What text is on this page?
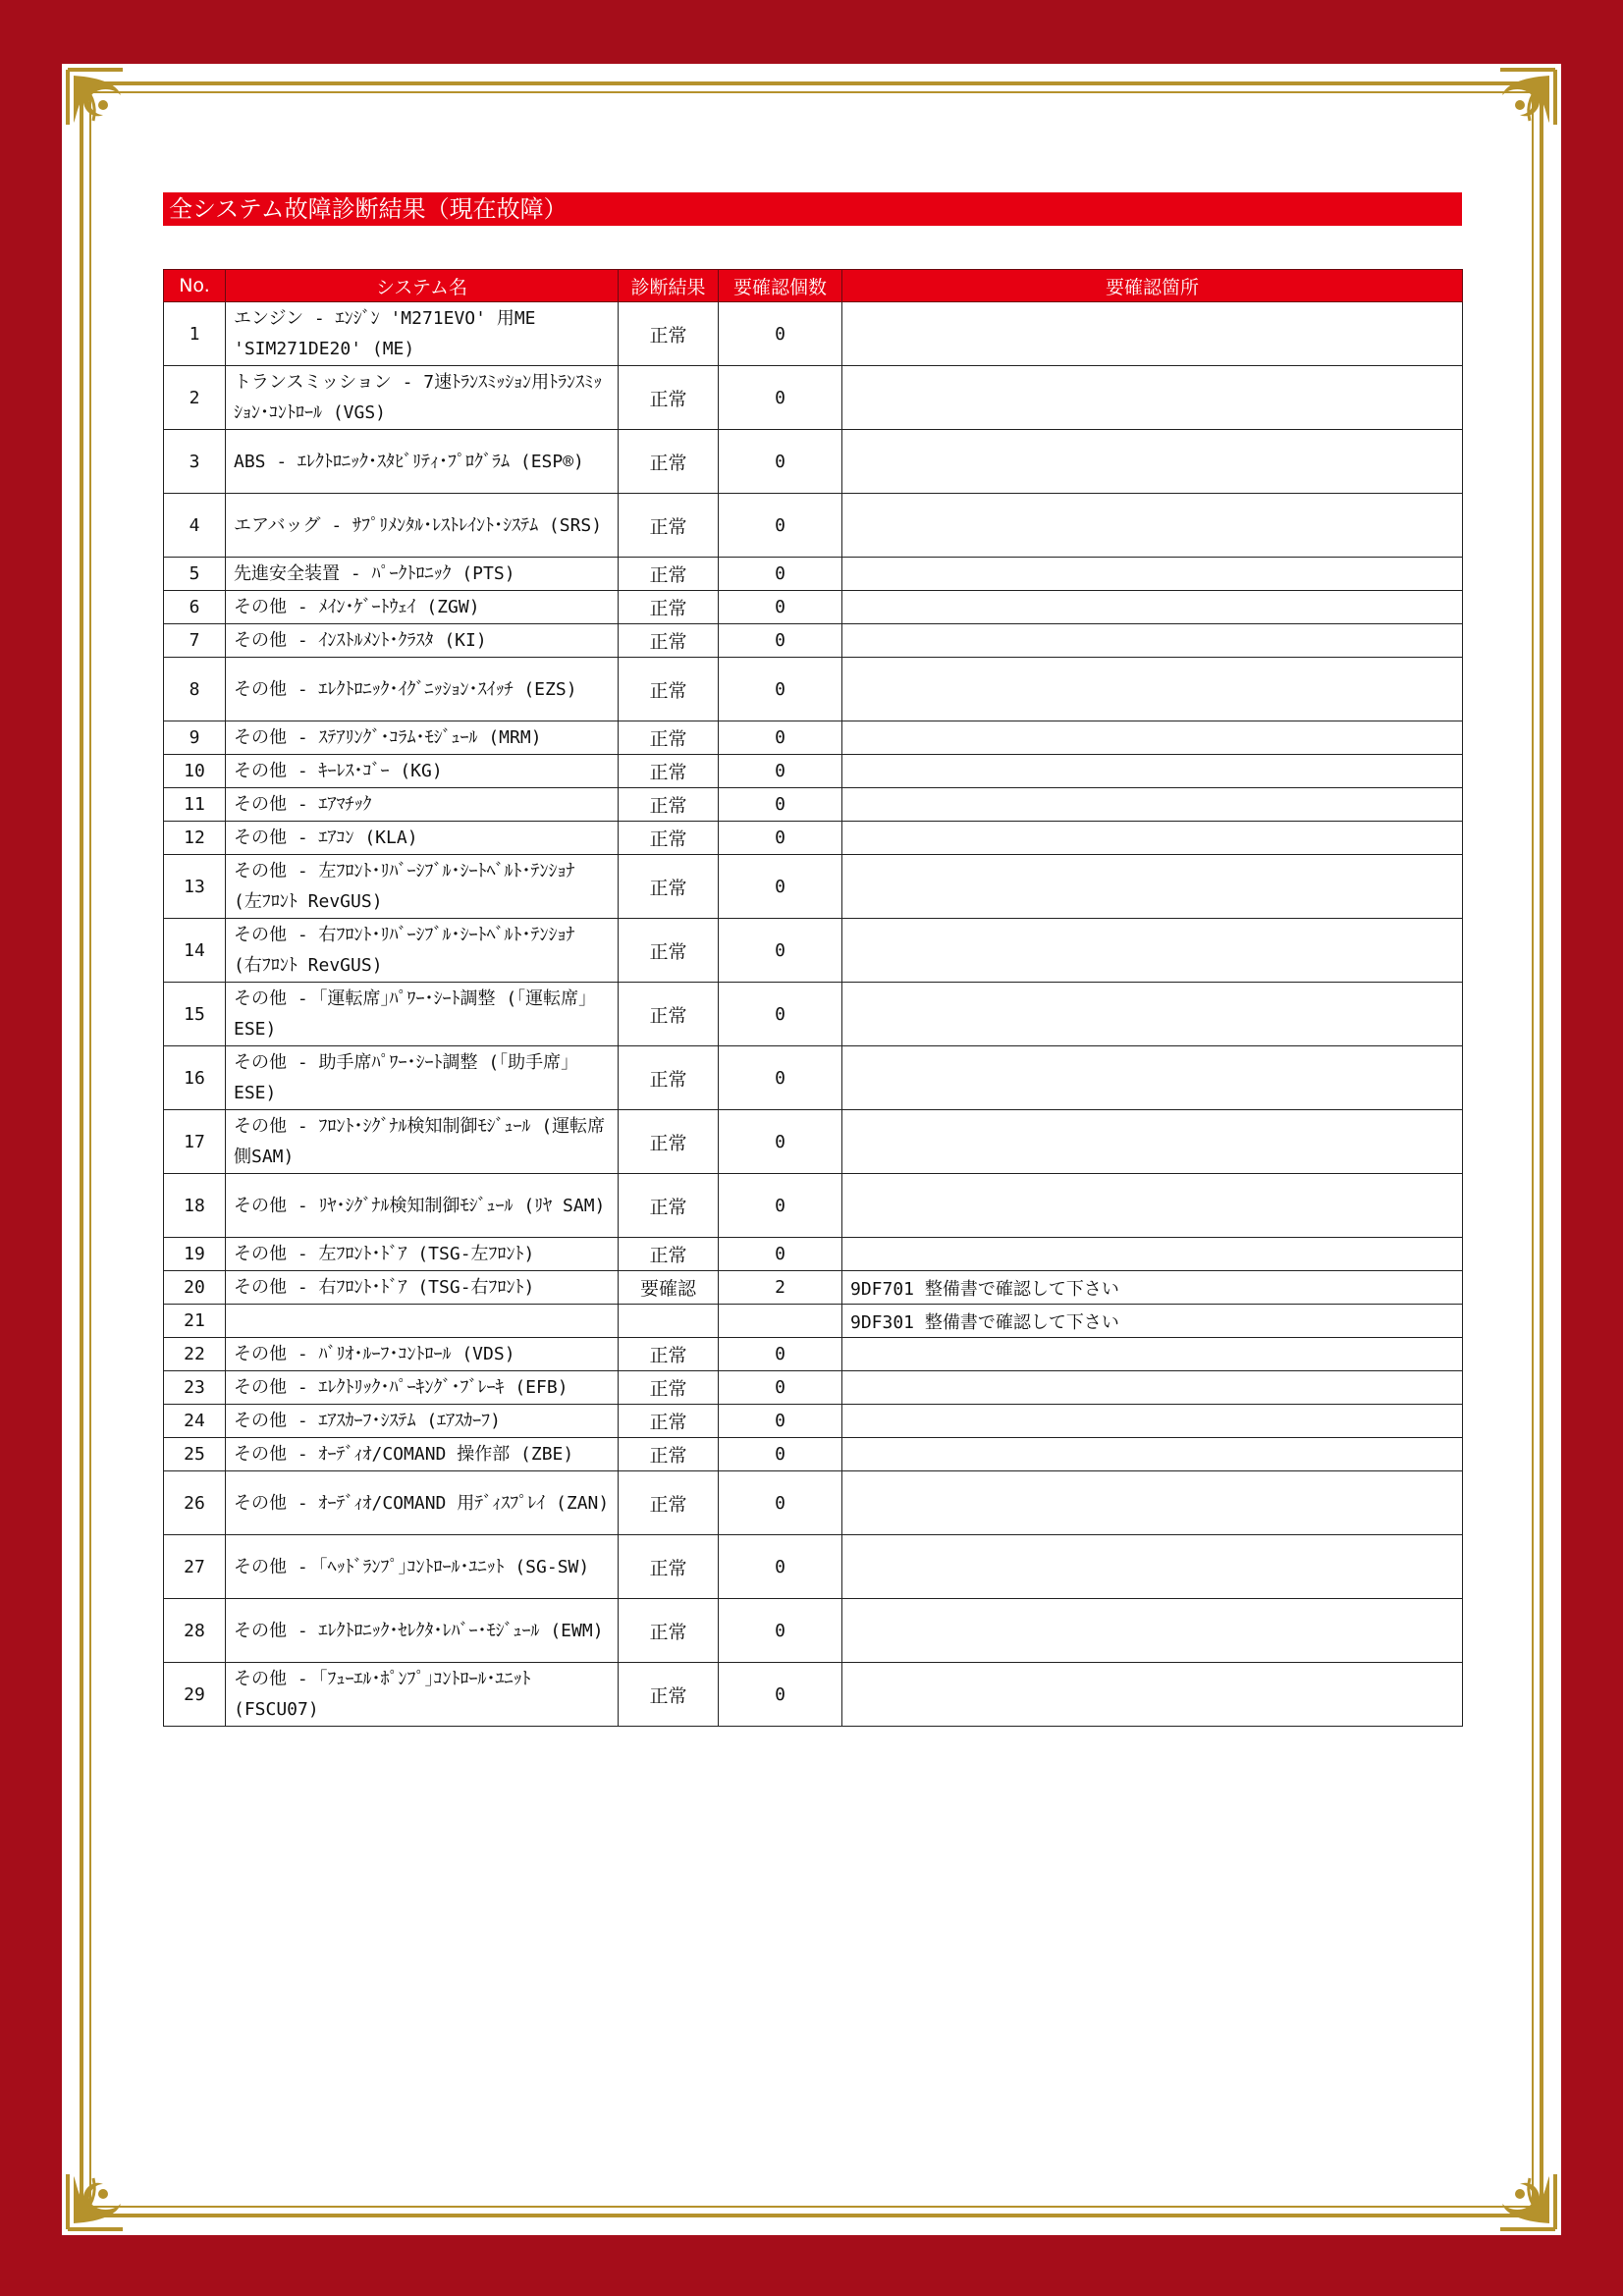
全システム故障診断結果（現在故障）
No.	システム名	診断結果	要確認個数	要確認箇所
1	エンジン - ｴﾝｼﾞﾝ 'M271EVO' 用ME 'SIM271DE20' (ME)	正常	0	
2	トランスミッション - 7速ﾄﾗﾝｽﾐｯｼｮﾝ用ﾄﾗﾝｽﾐｯｼｮﾝ･ｺﾝﾄﾛｰﾙ (VGS)	正常	0	
3	ABS - ｴﾚｸﾄﾛﾆｯｸ･ｽﾀﾋﾞﾘﾃｨ･ﾌﾟﾛｸﾞﾗﾑ (ESP®)	正常	0	
4	エアバッグ - ｻﾌﾟﾘﾒﾝﾀﾙ･ﾚｽﾄﾚｲﾝﾄ･ｼｽﾃﾑ (SRS)	正常	0	
5	先進安全装置 - ﾊﾟｰｸﾄﾛﾆｯｸ (PTS)	正常	0	
6	その他 - ﾒｲﾝ･ｹﾞｰﾄｳｪｲ (ZGW)	正常	0	
7	その他 - ｲﾝｽﾄﾙﾒﾝﾄ･ｸﾗｽﾀ (KI)	正常	0	
8	その他 - ｴﾚｸﾄﾛﾆｯｸ･ｲｸﾞﾆｯｼｮﾝ･ｽｲｯﾁ (EZS)	正常	0	
9	その他 - ｽﾃｱﾘﾝｸﾞ･ｺﾗﾑ･ﾓｼﾞｭｰﾙ (MRM)	正常	0	
10	その他 - ｷｰﾚｽ･ｺﾞｰ (KG)	正常	0	
11	その他 - ｴｱﾏﾁｯｸ	正常	0	
12	その他 - ｴｱｺﾝ (KLA)	正常	0	
13	その他 - 左ﾌﾛﾝﾄ･ﾘﾊﾞｰｼﾌﾞﾙ･ｼｰﾄﾍﾞﾙﾄ･ﾃﾝｼｮﾅ (左ﾌﾛﾝﾄ RevGUS)	正常	0	
14	その他 - 右ﾌﾛﾝﾄ･ﾘﾊﾞｰｼﾌﾞﾙ･ｼｰﾄﾍﾞﾙﾄ･ﾃﾝｼｮﾅ (右ﾌﾛﾝﾄ RevGUS)	正常	0	
15	その他 - ｢運転席｣ﾊﾟﾜｰ･ｼｰﾄ調整 (｢運転席｣ESE)	正常	0	
16	その他 - 助手席ﾊﾟﾜｰ･ｼｰﾄ調整 (｢助手席｣ESE)	正常	0	
17	その他 - ﾌﾛﾝﾄ･ｼｸﾞﾅﾙ検知制御ﾓｼﾞｭｰﾙ (運転席側SAM)	正常	0	
18	その他 - ﾘﾔ･ｼｸﾞﾅﾙ検知制御ﾓｼﾞｭｰﾙ (ﾘﾔ SAM)	正常	0	
19	その他 - 左ﾌﾛﾝﾄ･ﾄﾞｱ (TSG-左ﾌﾛﾝﾄ)	正常	0	
20	その他 - 右ﾌﾛﾝﾄ･ﾄﾞｱ (TSG-右ﾌﾛﾝﾄ)	要確認	2	9DF701 整備書で確認して下さい
21				9DF301 整備書で確認して下さい
22	その他 - ﾊﾞﾘｵ･ﾙｰﾌ･ｺﾝﾄﾛｰﾙ (VDS)	正常	0	
23	その他 - ｴﾚｸﾄﾘｯｸ･ﾊﾟｰｷﾝｸﾞ･ﾌﾞﾚｰｷ (EFB)	正常	0	
24	その他 - ｴｱｽｶｰﾌ･ｼｽﾃﾑ (ｴｱｽｶｰﾌ)	正常	0	
25	その他 - ｵｰﾃﾞｨｵ/COMAND 操作部 (ZBE)	正常	0	
26	その他 - ｵｰﾃﾞｨｵ/COMAND 用ﾃﾞｨｽﾌﾟﾚｲ (ZAN)	正常	0	
27	その他 - ｢ﾍｯﾄﾞﾗﾝﾌﾟ｣ｺﾝﾄﾛｰﾙ･ﾕﾆｯﾄ (SG-SW)	正常	0	
28	その他 - ｴﾚｸﾄﾛﾆｯｸ･ｾﾚｸﾀ･ﾚﾊﾞｰ･ﾓｼﾞｭｰﾙ (EWM)	正常	0	
29	その他 - ｢ﾌｭｰｴﾙ･ﾎﾟﾝﾌﾟ｣ｺﾝﾄﾛｰﾙ･ﾕﾆｯﾄ (FSCU07)	正常	0	
